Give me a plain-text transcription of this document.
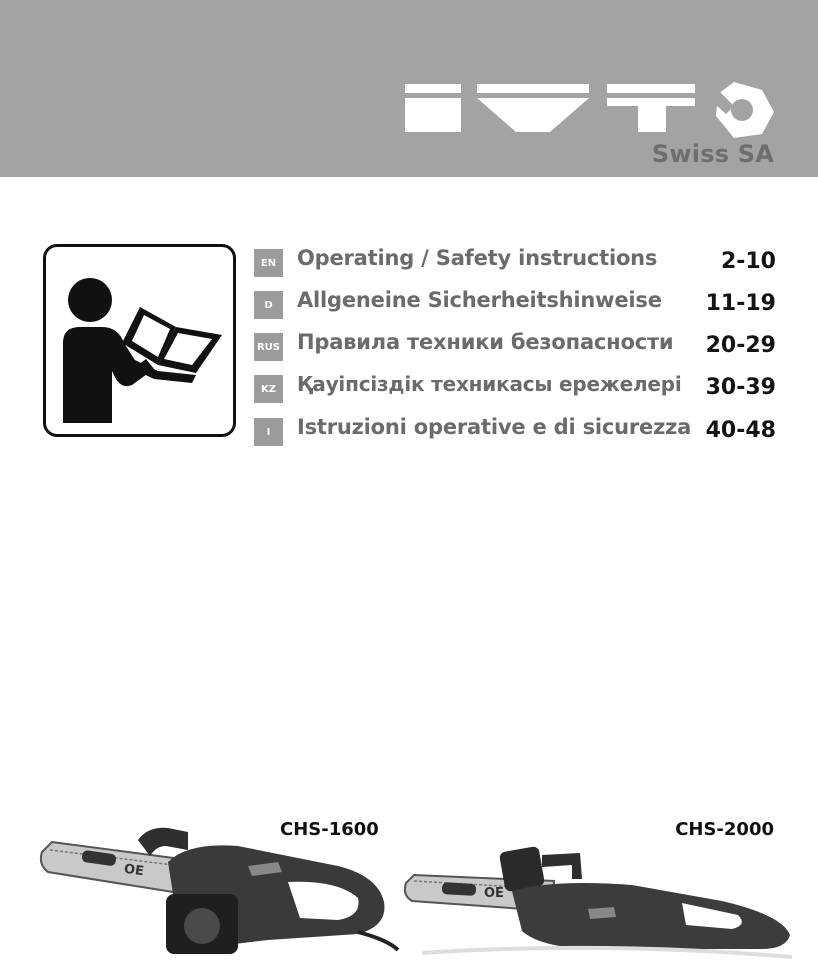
Swiss SA
EN Operating / Safety instructions	2-10
D	Allgeneine Sicherheitshinweise 11-19
RUS Правила техники безопасности 20-29
KZ	Қауіпсіздік техникасы ережелері 30-39
I	Istruzioni operative e di sicurezza 40-48
CHS-1600	CHS-2000
OE
OE
